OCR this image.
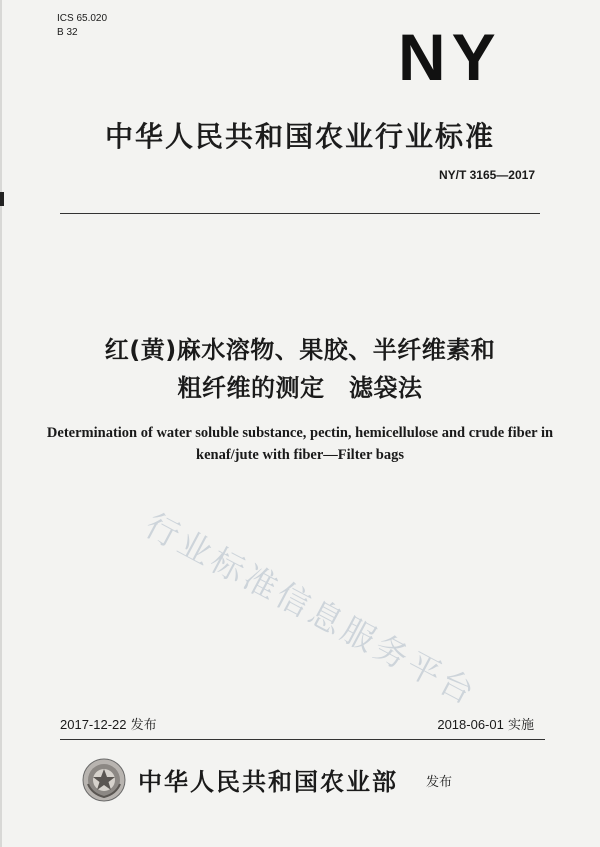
ICS 65.020
B 32	NY
中华人民共和国农业行业标准
NY/T 3165—2017
红(黄)麻水溶物、果胶、半纤维素和
粗纤维的测定　滤袋法
Determination of water soluble substance, pectin, hemicellulose and crude fiber in
kenaf/jute with fiber—Filter bags
行业标准信息服务平台
2017-12-22 发布	2018-06-01 实施
中华人民共和国农业部 发布
